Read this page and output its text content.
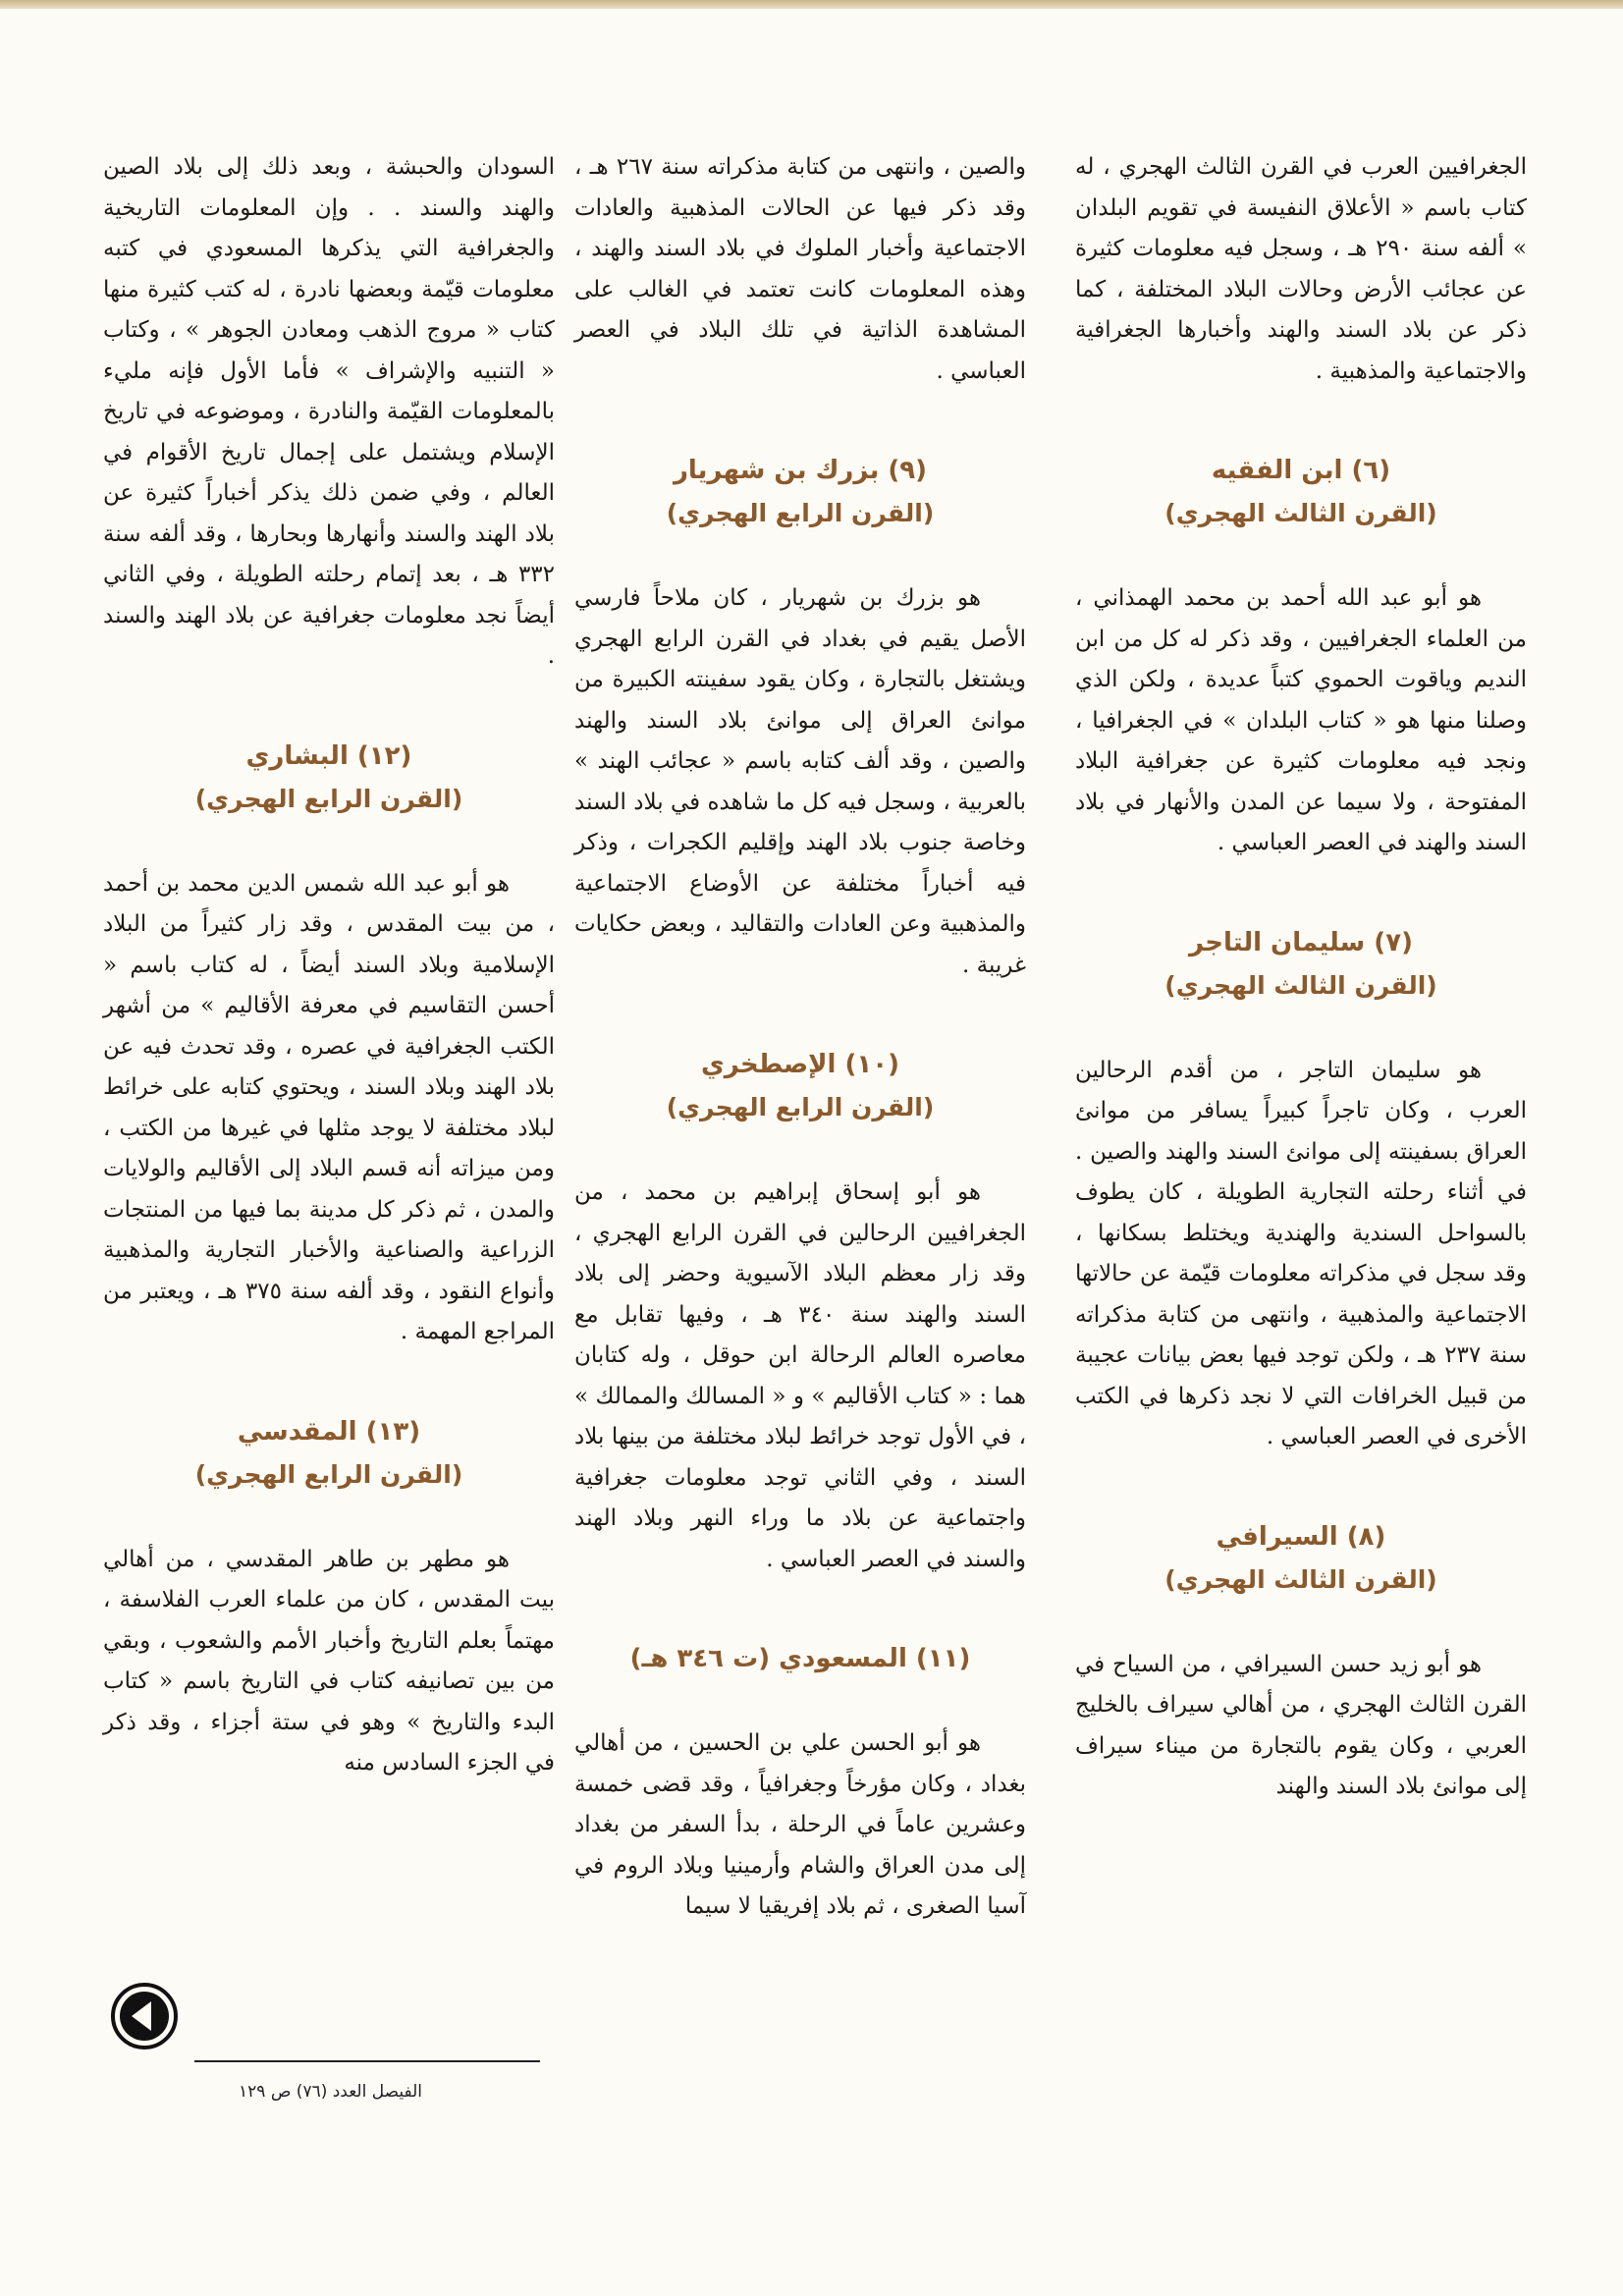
الجغرافيين العرب في القرن الثالث الهجري ، له كتاب باسم « الأعلاق النفيسة في تقويم البلدان » ألفه سنة ٢٩٠ هـ ، وسجل فيه معلومات كثيرة عن عجائب الأرض وحالات البلاد المختلفة ، كما ذكر عن بلاد السند والهند وأخبارها الجغرافية والاجتماعية والمذهبية .

(٦) ابن الفقيه
(القرن الثالث الهجري)

هو أبو عبد الله أحمد بن محمد الهمذاني ، من العلماء الجغرافيين ، وقد ذكر له كل من ابن النديم وياقوت الحموي كتباً عديدة ، ولكن الذي وصلنا منها هو « كتاب البلدان » في الجغرافيا ، ونجد فيه معلومات كثيرة عن جغرافية البلاد المفتوحة ، ولا سيما عن المدن والأنهار في بلاد السند والهند في العصر العباسي .

(٧) سليمان التاجر
(القرن الثالث الهجري)

هو سليمان التاجر ، من أقدم الرحالين العرب ، وكان تاجراً كبيراً يسافر من موانئ العراق بسفينته إلى موانئ السند والهند والصين . في أثناء رحلته التجارية الطويلة ، كان يطوف بالسواحل السندية والهندية ويختلط بسكانها ، وقد سجل في مذكراته معلومات قيّمة عن حالاتها الاجتماعية والمذهبية ، وانتهى من كتابة مذكراته سنة ٢٣٧ هـ ، ولكن توجد فيها بعض بيانات عجيبة من قبيل الخرافات التي لا نجد ذكرها في الكتب الأخرى في العصر العباسي .

(٨) السيرافي
(القرن الثالث الهجري)

هو أبو زيد حسن السيرافي ، من السياح في القرن الثالث الهجري ، من أهالي سيراف بالخليج العربي ، وكان يقوم بالتجارة من ميناء سيراف إلى موانئ بلاد السند والهند

والصين ، وانتهى من كتابة مذكراته سنة ٢٦٧ هـ ، وقد ذكر فيها عن الحالات المذهبية والعادات الاجتماعية وأخبار الملوك في بلاد السند والهند ، وهذه المعلومات كانت تعتمد في الغالب على المشاهدة الذاتية في تلك البلاد في العصر العباسي .

(٩) بزرك بن شهريار
(القرن الرابع الهجري)

هو بزرك بن شهريار ، كان ملاحاً فارسي الأصل يقيم في بغداد في القرن الرابع الهجري ويشتغل بالتجارة ، وكان يقود سفينته الكبيرة من موانئ العراق إلى موانئ بلاد السند والهند والصين ، وقد ألف كتابه باسم « عجائب الهند » بالعربية ، وسجل فيه كل ما شاهده في بلاد السند وخاصة جنوب بلاد الهند وإقليم الكجرات ، وذكر فيه أخباراً مختلفة عن الأوضاع الاجتماعية والمذهبية وعن العادات والتقاليد ، وبعض حكايات غريبة .

(١٠) الإصطخري
(القرن الرابع الهجري)

هو أبو إسحاق إبراهيم بن محمد ، من الجغرافيين الرحالين في القرن الرابع الهجري ، وقد زار معظم البلاد الآسيوية وحضر إلى بلاد السند والهند سنة ٣٤٠ هـ ، وفيها تقابل مع معاصره العالم الرحالة ابن حوقل ، وله كتابان هما : « كتاب الأقاليم » و « المسالك والممالك » ، في الأول توجد خرائط لبلاد مختلفة من بينها بلاد السند ، وفي الثاني توجد معلومات جغرافية واجتماعية عن بلاد ما وراء النهر وبلاد الهند والسند في العصر العباسي .

(١١) المسعودي (ت ٣٤٦ هـ)

هو أبو الحسن علي بن الحسين ، من أهالي بغداد ، وكان مؤرخاً وجغرافياً ، وقد قضى خمسة وعشرين عاماً في الرحلة ، بدأ السفر من بغداد إلى مدن العراق والشام وأرمينيا وبلاد الروم في آسيا الصغرى ، ثم بلاد إفريقيا لا سيما

السودان والحبشة ، وبعد ذلك إلى بلاد الصين والهند والسند . . وإن المعلومات التاريخية والجغرافية التي يذكرها المسعودي في كتبه معلومات قيّمة وبعضها نادرة ، له كتب كثيرة منها كتاب « مروج الذهب ومعادن الجوهر » ، وكتاب « التنبيه والإشراف » فأما الأول فإنه مليء بالمعلومات القيّمة والنادرة ، وموضوعه في تاريخ الإسلام ويشتمل على إجمال تاريخ الأقوام في العالم ، وفي ضمن ذلك يذكر أخباراً كثيرة عن بلاد الهند والسند وأنهارها وبحارها ، وقد ألفه سنة ٣٣٢ هـ ، بعد إتمام رحلته الطويلة ، وفي الثاني أيضاً نجد معلومات جغرافية عن بلاد الهند والسند .

(١٢) البشاري
(القرن الرابع الهجري)

هو أبو عبد الله شمس الدين محمد بن أحمد ، من بيت المقدس ، وقد زار كثيراً من البلاد الإسلامية وبلاد السند أيضاً ، له كتاب باسم « أحسن التقاسيم في معرفة الأقاليم » من أشهر الكتب الجغرافية في عصره ، وقد تحدث فيه عن بلاد الهند وبلاد السند ، ويحتوي كتابه على خرائط لبلاد مختلفة لا يوجد مثلها في غيرها من الكتب ، ومن ميزاته أنه قسم البلاد إلى الأقاليم والولايات والمدن ، ثم ذكر كل مدينة بما فيها من المنتجات الزراعية والصناعية والأخبار التجارية والمذهبية وأنواع النقود ، وقد ألفه سنة ٣٧٥ هـ ، ويعتبر من المراجع المهمة .

(١٣) المقدسي
(القرن الرابع الهجري)

هو مطهر بن طاهر المقدسي ، من أهالي بيت المقدس ، كان من علماء العرب الفلاسفة ، مهتماً بعلم التاريخ وأخبار الأمم والشعوب ، وبقي من بين تصانيفه كتاب في التاريخ باسم « كتاب البدء والتاريخ » وهو في ستة أجزاء ، وقد ذكر في الجزء السادس منه

الفيصل العدد (٧٦) ص ١٢٩
